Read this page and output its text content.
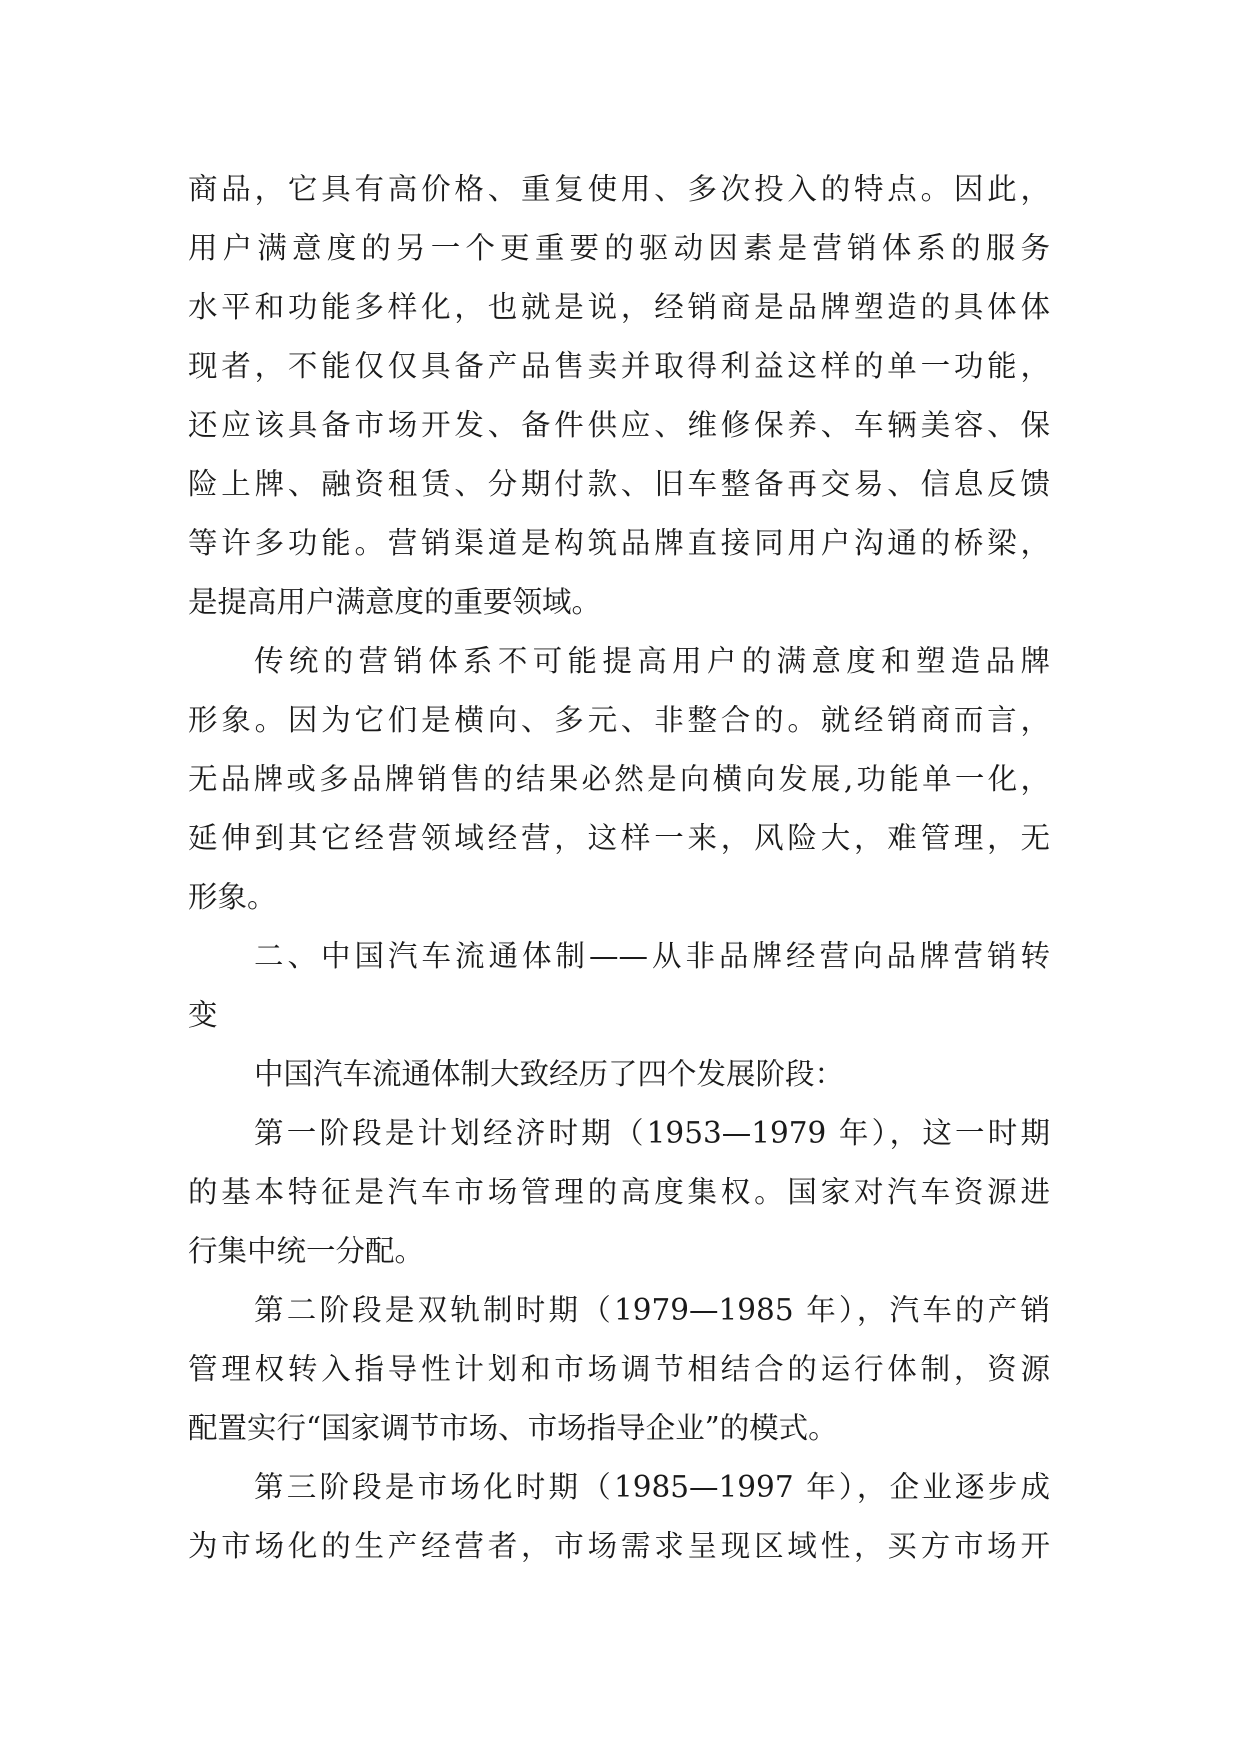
商品，它具有高价格、重复使用、多次投入的特点。因此，
用户满意度的另一个更重要的驱动因素是营销体系的服务
水平和功能多样化，也就是说，经销商是品牌塑造的具体体
现者，不能仅仅具备产品售卖并取得利益这样的单一功能，
还应该具备市场开发、备件供应、维修保养、车辆美容、保
险上牌、融资租赁、分期付款、旧车整备再交易、信息反馈
等许多功能。营销渠道是构筑品牌直接同用户沟通的桥梁，
是提高用户满意度的重要领域。
传统的营销体系不可能提高用户的满意度和塑造品牌
形象。因为它们是横向、多元、非整合的。就经销商而言，
无品牌或多品牌销售的结果必然是向横向发展,功能单一化，
延伸到其它经营领域经营，这样一来，风险大，难管理，无
形象。
二、中国汽车流通体制——从非品牌经营向品牌营销转
变
中国汽车流通体制大致经历了四个发展阶段：
第一阶段是计划经济时期（1953—1979 年），这一时期
的基本特征是汽车市场管理的高度集权。国家对汽车资源进
行集中统一分配。
第二阶段是双轨制时期（1979—1985 年），汽车的产销
管理权转入指导性计划和市场调节相结合的运行体制，资源
配置实行“国家调节市场、市场指导企业”的模式。
第三阶段是市场化时期（1985—1997 年），企业逐步成
为市场化的生产经营者，市场需求呈现区域性，买方市场开
